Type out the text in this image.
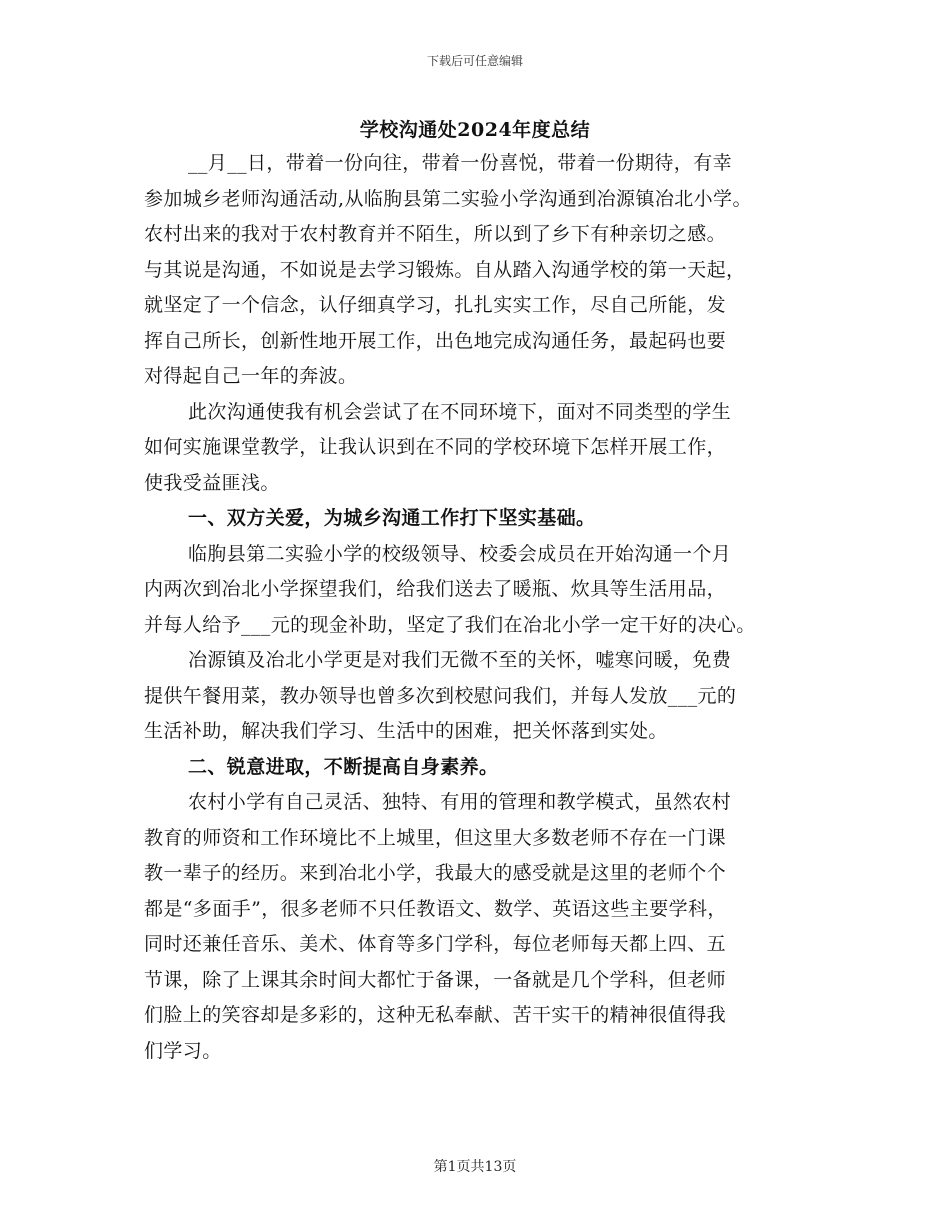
下载后可任意编辑
学校沟通处2024年度总结
__月__日，带着一份向往，带着一份喜悦，带着一份期待，有幸
参加城乡老师沟通活动,从临朐县第二实验小学沟通到冶源镇冶北小学。
农村出来的我对于农村教育并不陌生，所以到了乡下有种亲切之感。
与其说是沟通，不如说是去学习锻炼。自从踏入沟通学校的第一天起，
就坚定了一个信念，认仔细真学习，扎扎实实工作，尽自己所能，发
挥自己所长，创新性地开展工作，出色地完成沟通任务，最起码也要
对得起自己一年的奔波。
此次沟通使我有机会尝试了在不同环境下，面对不同类型的学生
如何实施课堂教学，让我认识到在不同的学校环境下怎样开展工作，
使我受益匪浅。
一、双方关爱，为城乡沟通工作打下坚实基础。
临朐县第二实验小学的校级领导、校委会成员在开始沟通一个月
内两次到冶北小学探望我们，给我们送去了暖瓶、炊具等生活用品，
并每人给予___元的现金补助，坚定了我们在冶北小学一定干好的决心。
冶源镇及冶北小学更是对我们无微不至的关怀，嘘寒问暖，免费
提供午餐用菜，教办领导也曾多次到校慰问我们，并每人发放___元的
生活补助，解决我们学习、生活中的困难，把关怀落到实处。
二、锐意进取，不断提高自身素养。
农村小学有自己灵活、独特、有用的管理和教学模式，虽然农村
教育的师资和工作环境比不上城里，但这里大多数老师不存在一门课
教一辈子的经历。来到冶北小学，我最大的感受就是这里的老师个个
都是“多面手”，很多老师不只任教语文、数学、英语这些主要学科，
同时还兼任音乐、美术、体育等多门学科，每位老师每天都上四、五
节课，除了上课其余时间大都忙于备课，一备就是几个学科，但老师
们脸上的笑容却是多彩的，这种无私奉献、苦干实干的精神很值得我
们学习。
第1页共13页
